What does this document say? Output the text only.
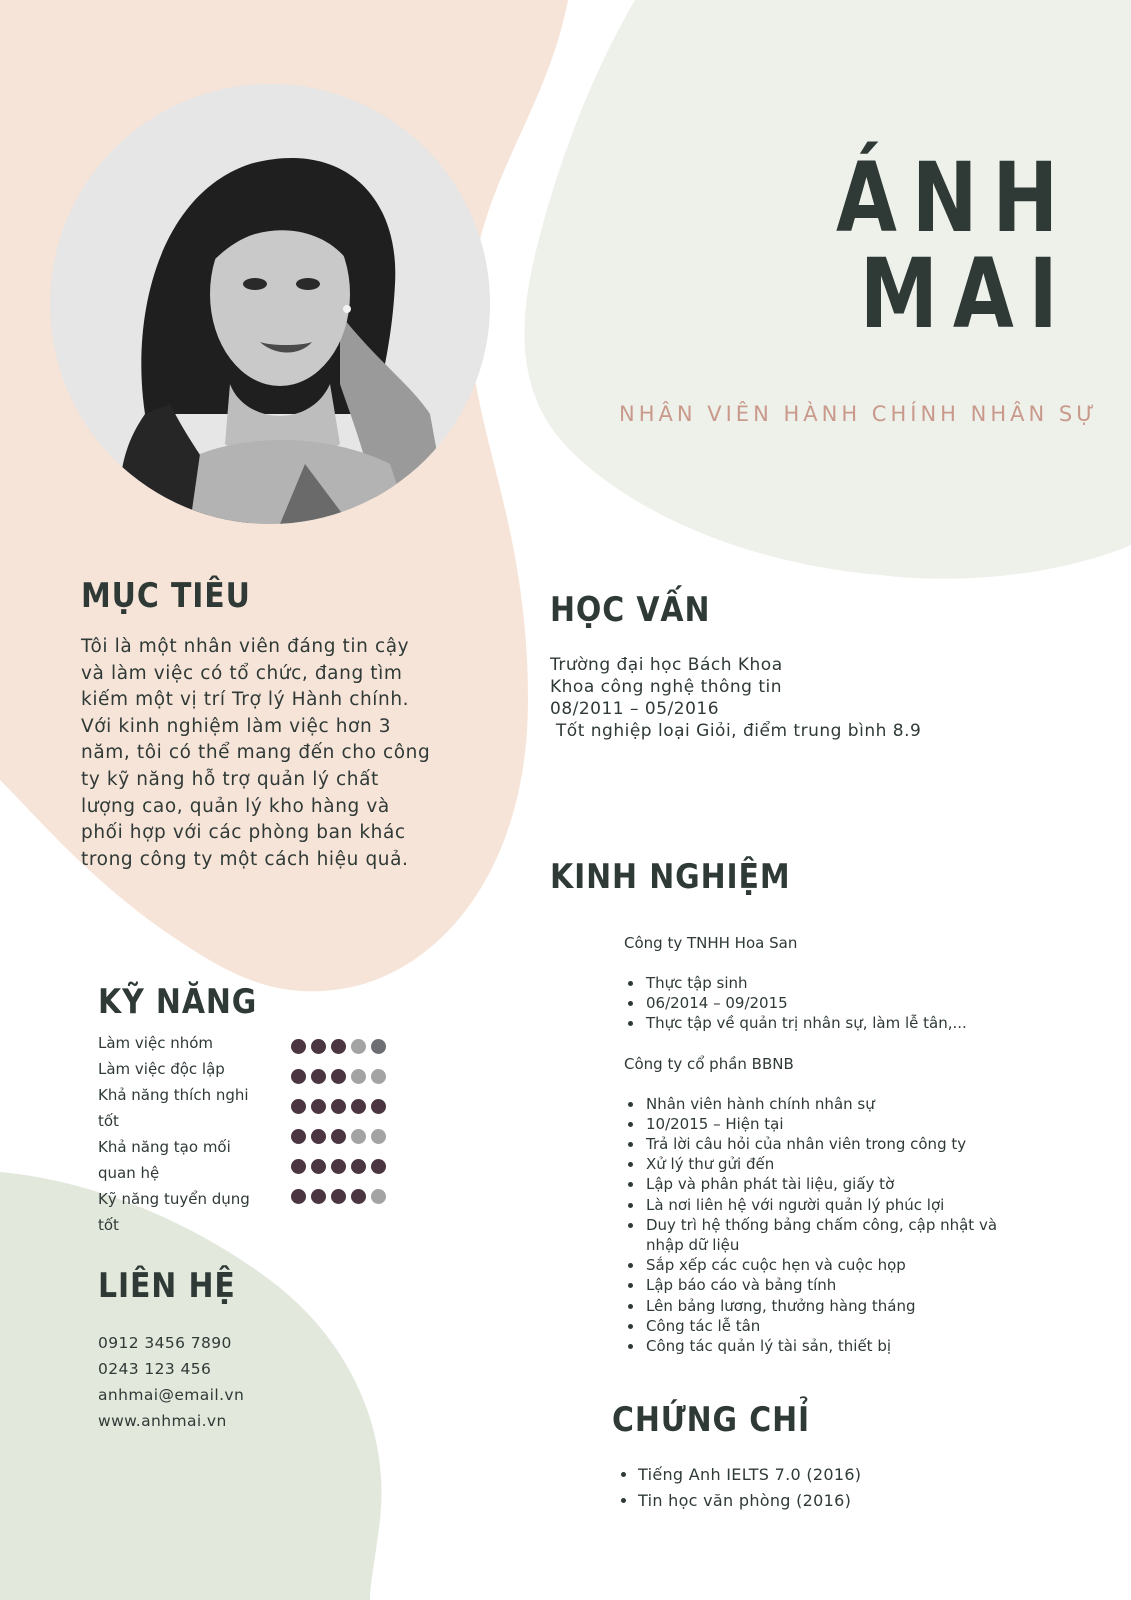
ÁNH
MAI
NHÂN VIÊN HÀNH CHÍNH NHÂN SỰ
MỤC TIÊU
Tôi là một nhân viên đáng tin cậy
và làm việc có tổ chức, đang tìm
kiếm một vị trí Trợ lý Hành chính.
Với kinh nghiệm làm việc hơn 3
năm, tôi có thể mang đến cho công
ty kỹ năng hỗ trợ quản lý chất
lượng cao, quản lý kho hàng và
phối hợp với các phòng ban khác
trong công ty một cách hiệu quả.
HỌC VẤN
Trường đại học Bách Khoa
Khoa công nghệ thông tin
08/2011 – 05/2016
Tốt nghiệp loại Giỏi, điểm trung bình 8.9
KINH NGHIỆM
Công ty TNHH Hoa San
• Thực tập sinh
• 06/2014 – 09/2015
• Thực tập về quản trị nhân sự, làm lễ tân,...
Công ty cổ phần BBNB
• Nhân viên hành chính nhân sự
• 10/2015 – Hiện tại
• Trả lời câu hỏi của nhân viên trong công ty
• Xử lý thư gửi đến
• Lập và phân phát tài liệu, giấy tờ
• Là nơi liên hệ với người quản lý phúc lợi
• Duy trì hệ thống bảng chấm công, cập nhật và nhập dữ liệu
• Sắp xếp các cuộc hẹn và cuộc họp
• Lập báo cáo và bảng tính
• Lên bảng lương, thưởng hàng tháng
• Công tác lễ tân
• Công tác quản lý tài sản, thiết bị
KỸ NĂNG
Làm việc nhóm
Làm việc độc lập
Khả năng thích nghi
tốt
Khả năng tạo mối
quan hệ
Kỹ năng tuyển dụng
tốt
LIÊN HỆ
0912 3456 7890
0243 123 456
anhmai@email.vn
www.anhmai.vn	CHỨNG CHỈ
• Tiếng Anh IELTS 7.0 (2016)
• Tin học văn phòng (2016)
